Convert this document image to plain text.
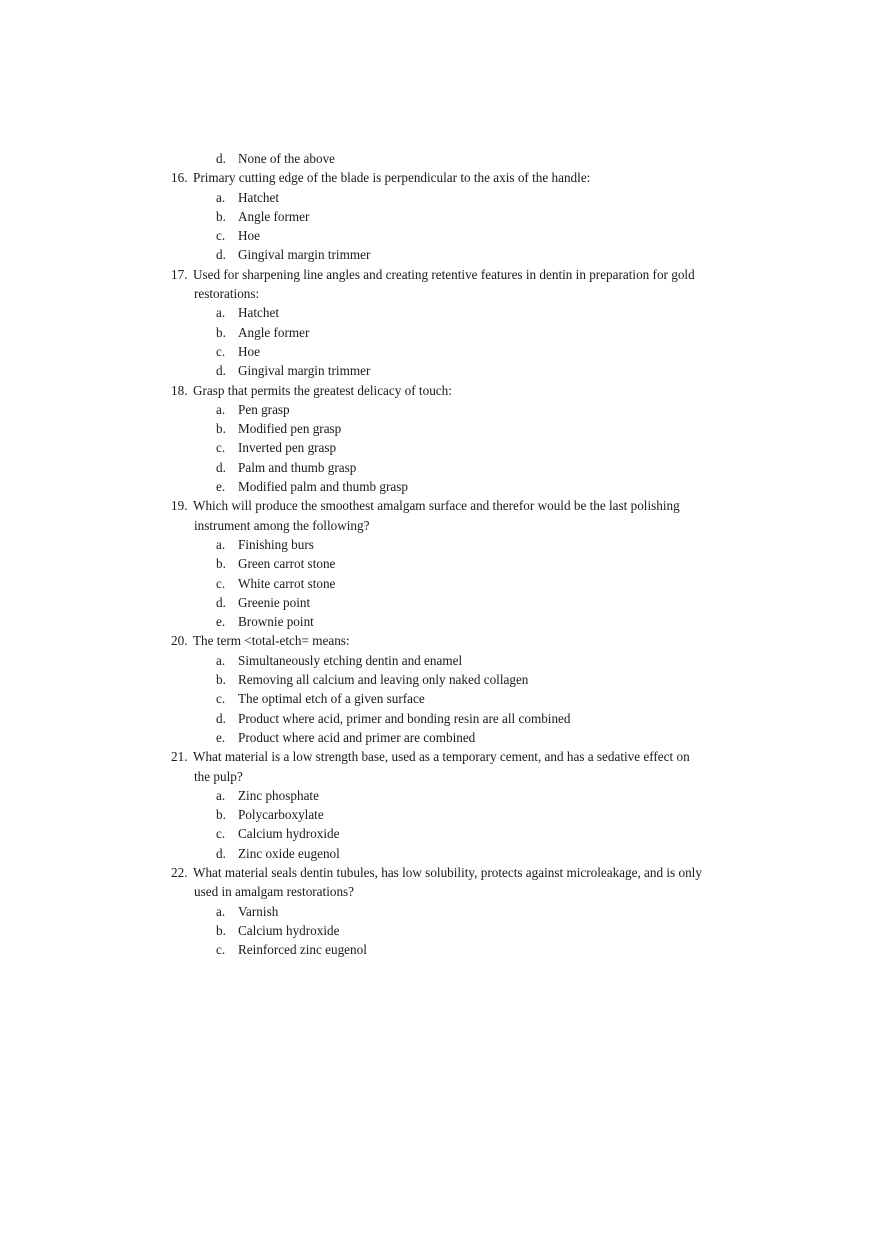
d. None of the above
16. Primary cutting edge of the blade is perpendicular to the axis of the handle:
a. Hatchet
b. Angle former
c. Hoe
d. Gingival margin trimmer
17. Used for sharpening line angles and creating retentive features in dentin in preparation for gold
restorations:
a. Hatchet
b. Angle former
c. Hoe
d. Gingival margin trimmer
18. Grasp that permits the greatest delicacy of touch:
a. Pen grasp
b. Modified pen grasp
c. Inverted pen grasp
d. Palm and thumb grasp
e. Modified palm and thumb grasp
19. Which will produce the smoothest amalgam surface and therefor would be the last polishing
instrument among the following?
a. Finishing burs
b. Green carrot stone
c. White carrot stone
d. Greenie point
e. Brownie point
20. The term <total-etch= means:
a. Simultaneously etching dentin and enamel
b. Removing all calcium and leaving only naked collagen
c. The optimal etch of a given surface
d. Product where acid, primer and bonding resin are all combined
e. Product where acid and primer are combined
21. What material is a low strength base, used as a temporary cement, and has a sedative effect on
the pulp?
a. Zinc phosphate
b. Polycarboxylate
c. Calcium hydroxide
d. Zinc oxide eugenol
22. What material seals dentin tubules, has low solubility, protects against microleakage, and is only
used in amalgam restorations?
a. Varnish
b. Calcium hydroxide
c. Reinforced zinc eugenol
